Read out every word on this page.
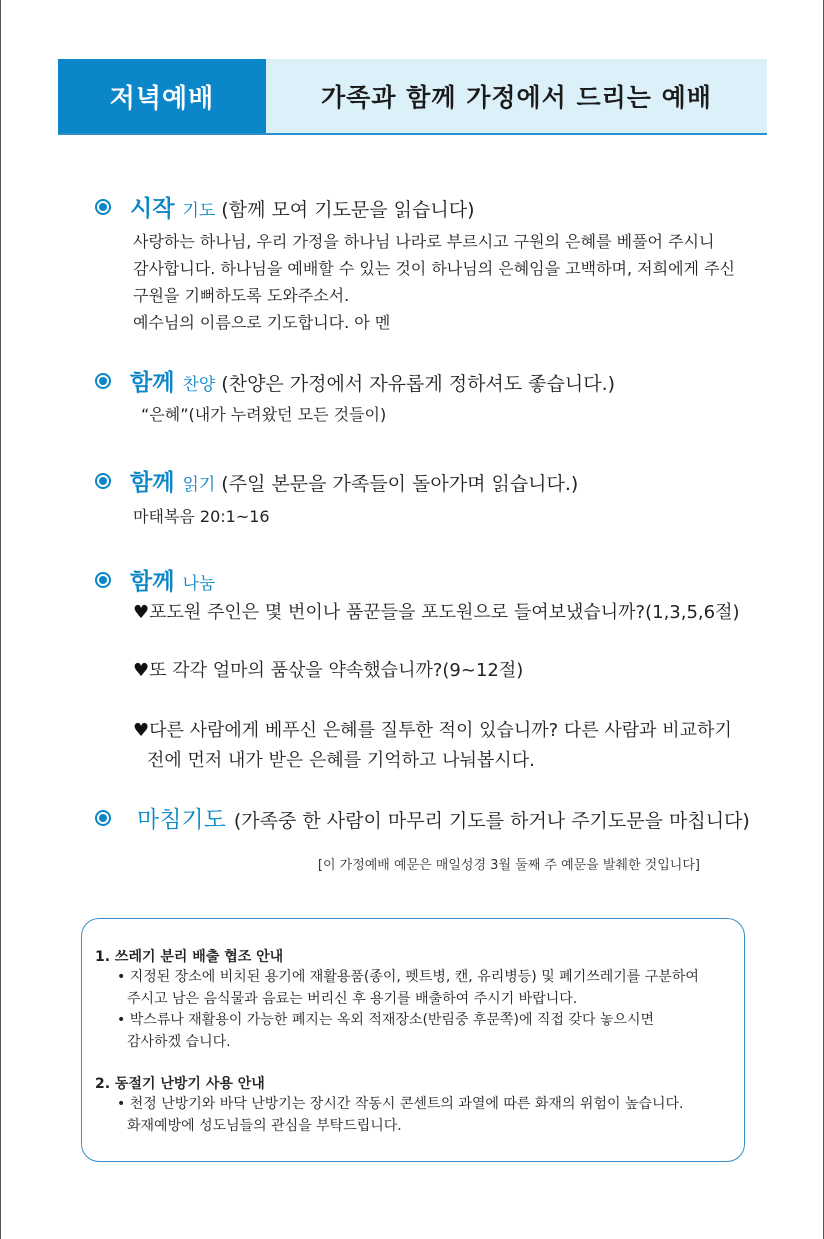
저녁예배	가족과 함께 가정에서 드리는 예배
시작 기도 (함께 모여 기도문을 읽습니다)

사랑하는 하나님, 우리 가정을 하나님 나라로 부르시고 구원의 은혜를 베풀어 주시니

감사합니다. 하나님을 예배할 수 있는 것이 하나님의 은혜임을 고백하며, 저희에게 주신

구원을 기뻐하도록 도와주소서.

예수님의 이름으로 기도합니다. 아 멘

함께 찬양 (찬양은 가정에서 자유롭게 정하셔도 좋습니다.)

“은혜”(내가 누려왔던 모든 것들이)

함께 읽기 (주일 본문을 가족들이 돌아가며 읽습니다.)

마태복음 20:1~16

함께 나눔

♥포도원 주인은 몇 번이나 품꾼들을 포도원으로 들여보냈습니까?(1,3,5,6절)

♥또 각각 얼마의 품삯을 약속했습니까?(9~12절)

♥다른 사람에게 베푸신 은혜를 질투한 적이 있습니까? 다른 사람과 비교하기

전에 먼저 내가 받은 은혜를 기억하고 나눠봅시다.

마침기도 (가족중 한 사람이 마무리 기도를 하거나 주기도문을 마칩니다)
[이 가정예배 예문은 매일성경 3월 둘째 주 예문을 발췌한 것입니다]
1. 쓰레기 분리 배출 협조 안내
• 지정된 장소에 비치된 용기에 재활용품(종이, 펫트병, 캔, 유리병등) 및 폐기쓰레기를 구분하여
주시고 남은 음식물과 음료는 버리신 후 용기를 배출하여 주시기 바랍니다.
• 박스류나 재활용이 가능한 폐지는 옥외 적재장소(반림중 후문쪽)에 직접 갖다 놓으시면
감사하겠 습니다.
2. 동절기 난방기 사용 안내
• 천정 난방기와 바닥 난방기는 장시간 작동시 콘센트의 과열에 따른 화재의 위험이 높습니다.
화재예방에 성도님들의 관심을 부탁드립니다.
